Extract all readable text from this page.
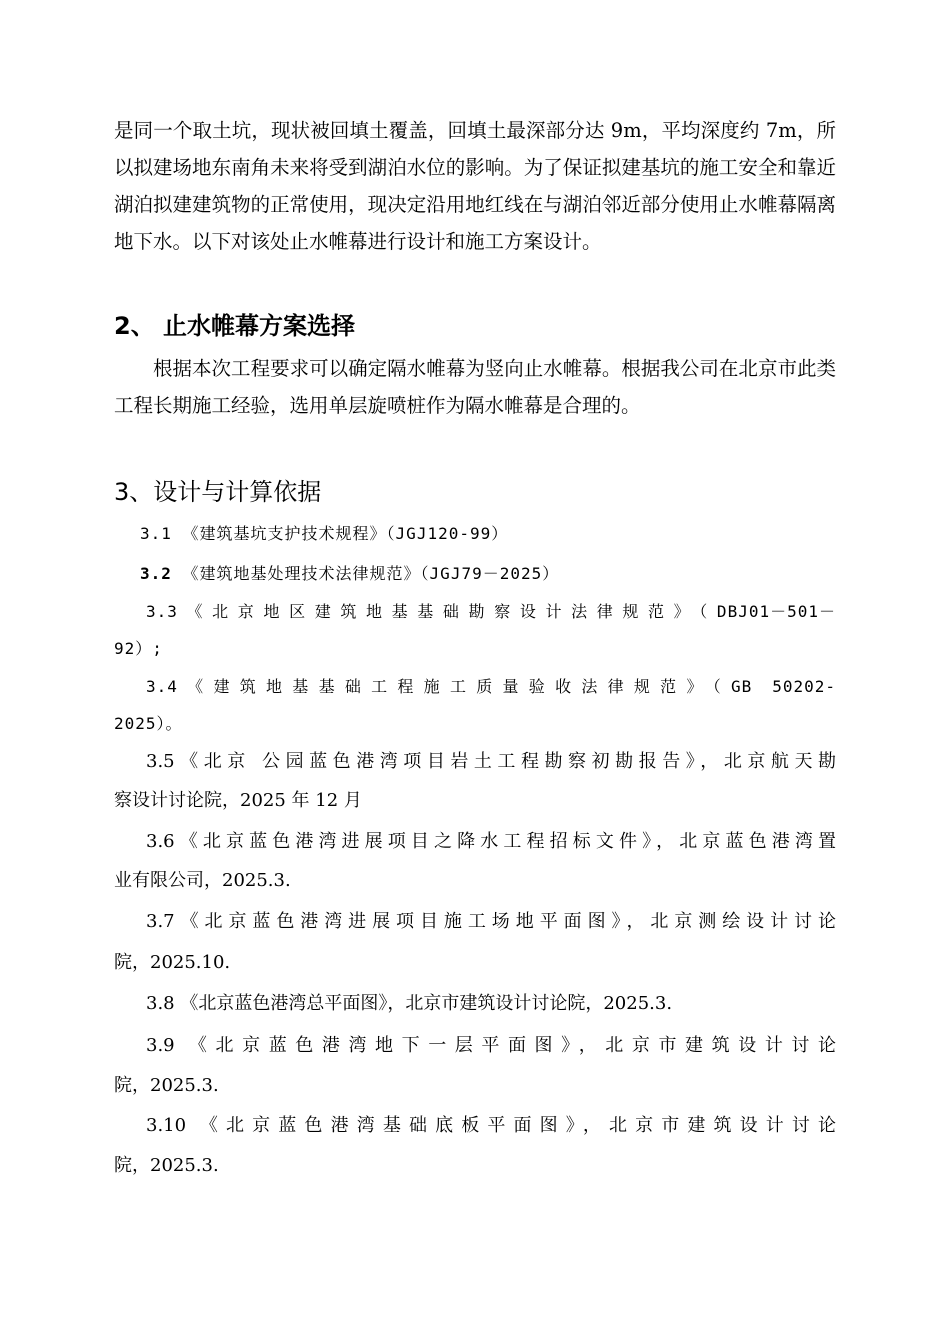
是同一个取土坑，现状被回填土覆盖，回填土最深部分达 9m，平均深度约 7m，所以拟建场地东南角未来将受到湖泊水位的影响。为了保证拟建基坑的施工安全和靠近湖泊拟建建筑物的正常使用，现决定沿用地红线在与湖泊邻近部分使用止水帷幕隔离地下水。以下对该处止水帷幕进行设计和施工方案设计。

2、 止水帷幕方案选择

根据本次工程要求可以确定隔水帷幕为竖向止水帷幕。根据我公司在北京市此类工程长期施工经验，选用单层旋喷桩作为隔水帷幕是合理的。

3、设计与计算依据
3.1 《建筑基坑支护技术规程》（JGJ120-99）
3.2 《建筑地基处理技术法律规范》（JGJ79－2025）
3.3《北京地区建筑地基基础勘察设计法律规范》（DBJ01－501－
92）;
3.4《建筑地基基础工程施工质量验收法律规范》（GB 50202-
2025）。
3.5《北京 公园蓝色港湾项目岩土工程勘察初勘报告》，北京航天勘
察设计讨论院，2025 年 12 月
3.6《北京蓝色港湾进展项目之降水工程招标文件》，北京蓝色港湾置
业有限公司，2025.3.
3.7《北京蓝色港湾进展项目施工场地平面图》，北京测绘设计讨论
院，2025.10.
3.8 《北京蓝色港湾总平面图》，北京市建筑设计讨论院，2025.3.
3.9 《北京蓝色港湾地下一层平面图》，北京市建筑设计讨论
院，2025.3.
3.10 《北京蓝色港湾基础底板平面图》，北京市建筑设计讨论
院，2025.3.
